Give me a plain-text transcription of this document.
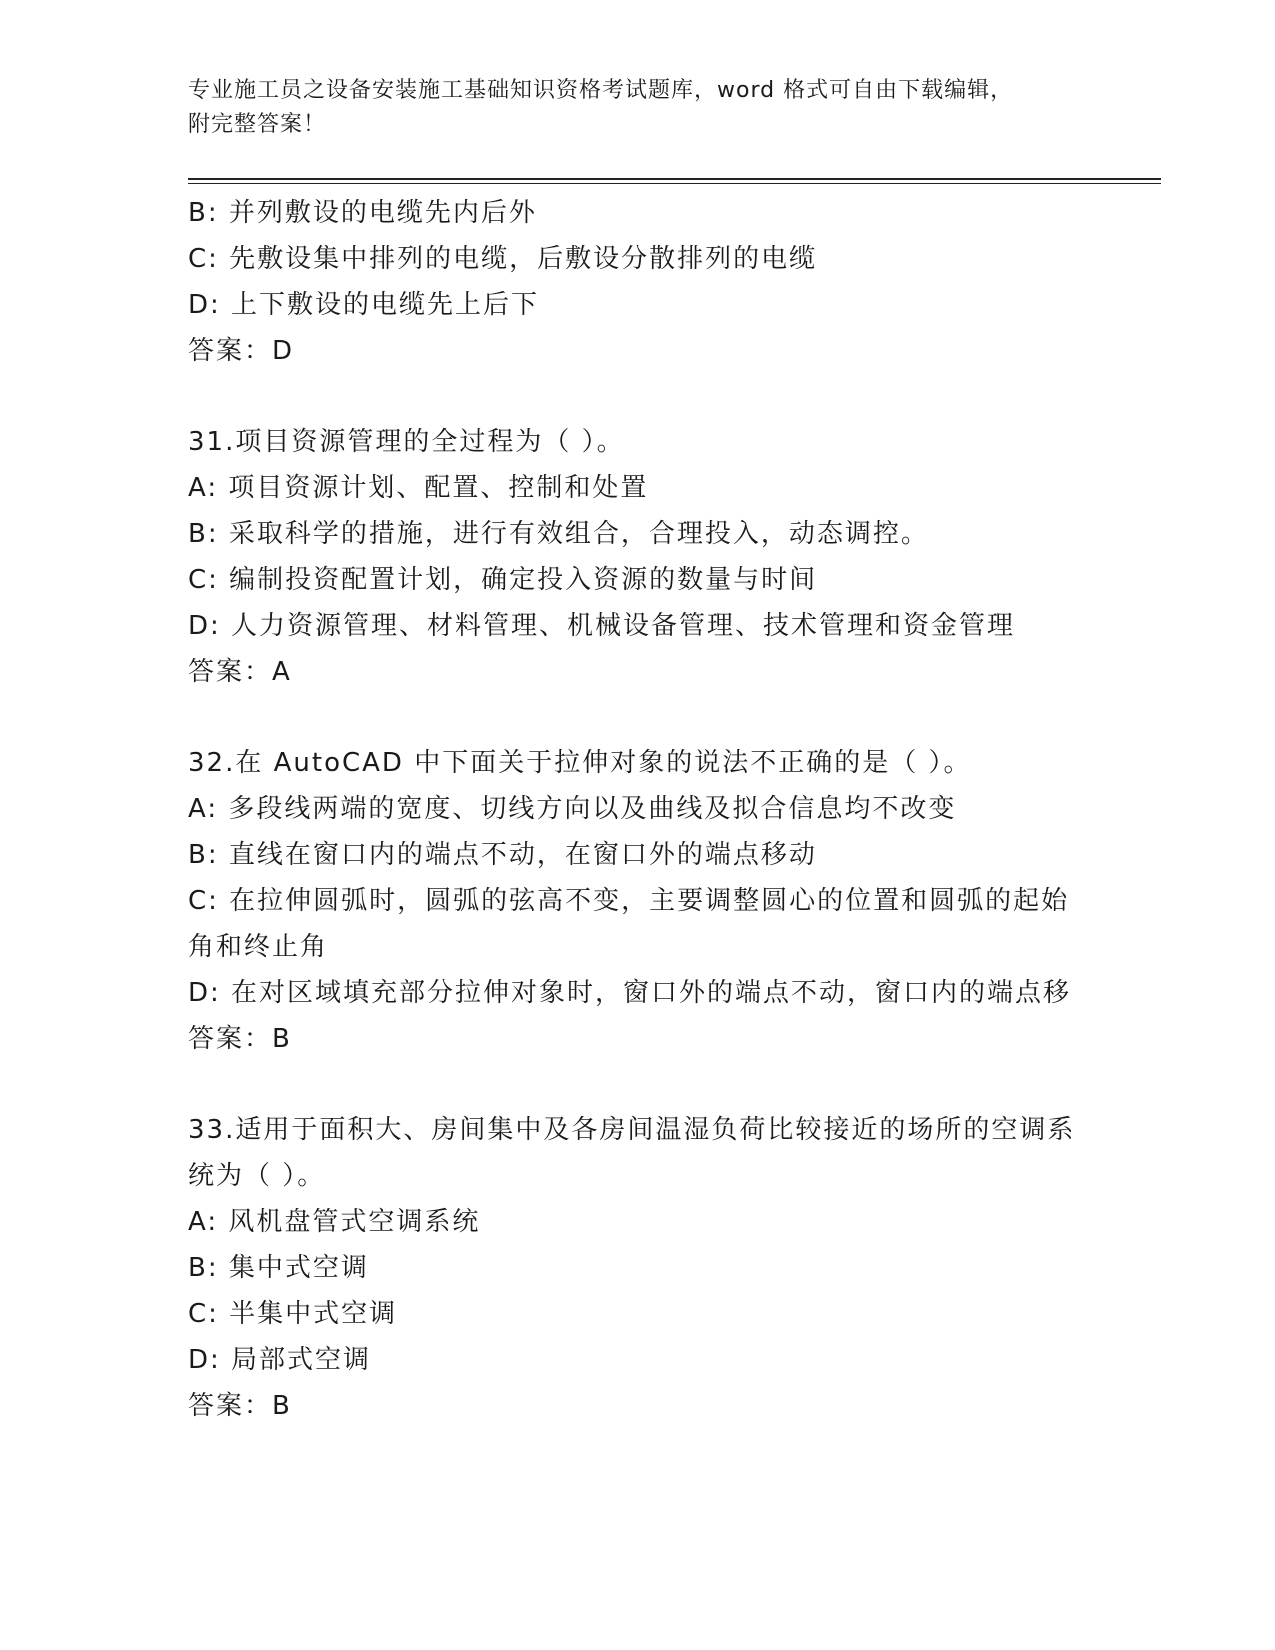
专业施工员之设备安装施工基础知识资格考试题库，word 格式可自由下载编辑，
附完整答案！
B: 并列敷设的电缆先内后外
C: 先敷设集中排列的电缆，后敷设分散排列的电缆
D: 上下敷设的电缆先上后下
答案：D
31.项目资源管理的全过程为（ ）。
A: 项目资源计划、配置、控制和处置
B: 采取科学的措施，进行有效组合，合理投入，动态调控。
C: 编制投资配置计划，确定投入资源的数量与时间
D: 人力资源管理、材料管理、机械设备管理、技术管理和资金管理
答案：A
32.在 AutoCAD 中下面关于拉伸对象的说法不正确的是（ ）。
A: 多段线两端的宽度、切线方向以及曲线及拟合信息均不改变
B: 直线在窗口内的端点不动，在窗口外的端点移动
C: 在拉伸圆弧时，圆弧的弦高不变，主要调整圆心的位置和圆弧的起始角和终止角
D: 在对区域填充部分拉伸对象时，窗口外的端点不动，窗口内的端点移
答案：B
33.适用于面积大、房间集中及各房间温湿负荷比较接近的场所的空调系统为（ ）。
A: 风机盘管式空调系统
B: 集中式空调
C: 半集中式空调
D: 局部式空调
答案：B
